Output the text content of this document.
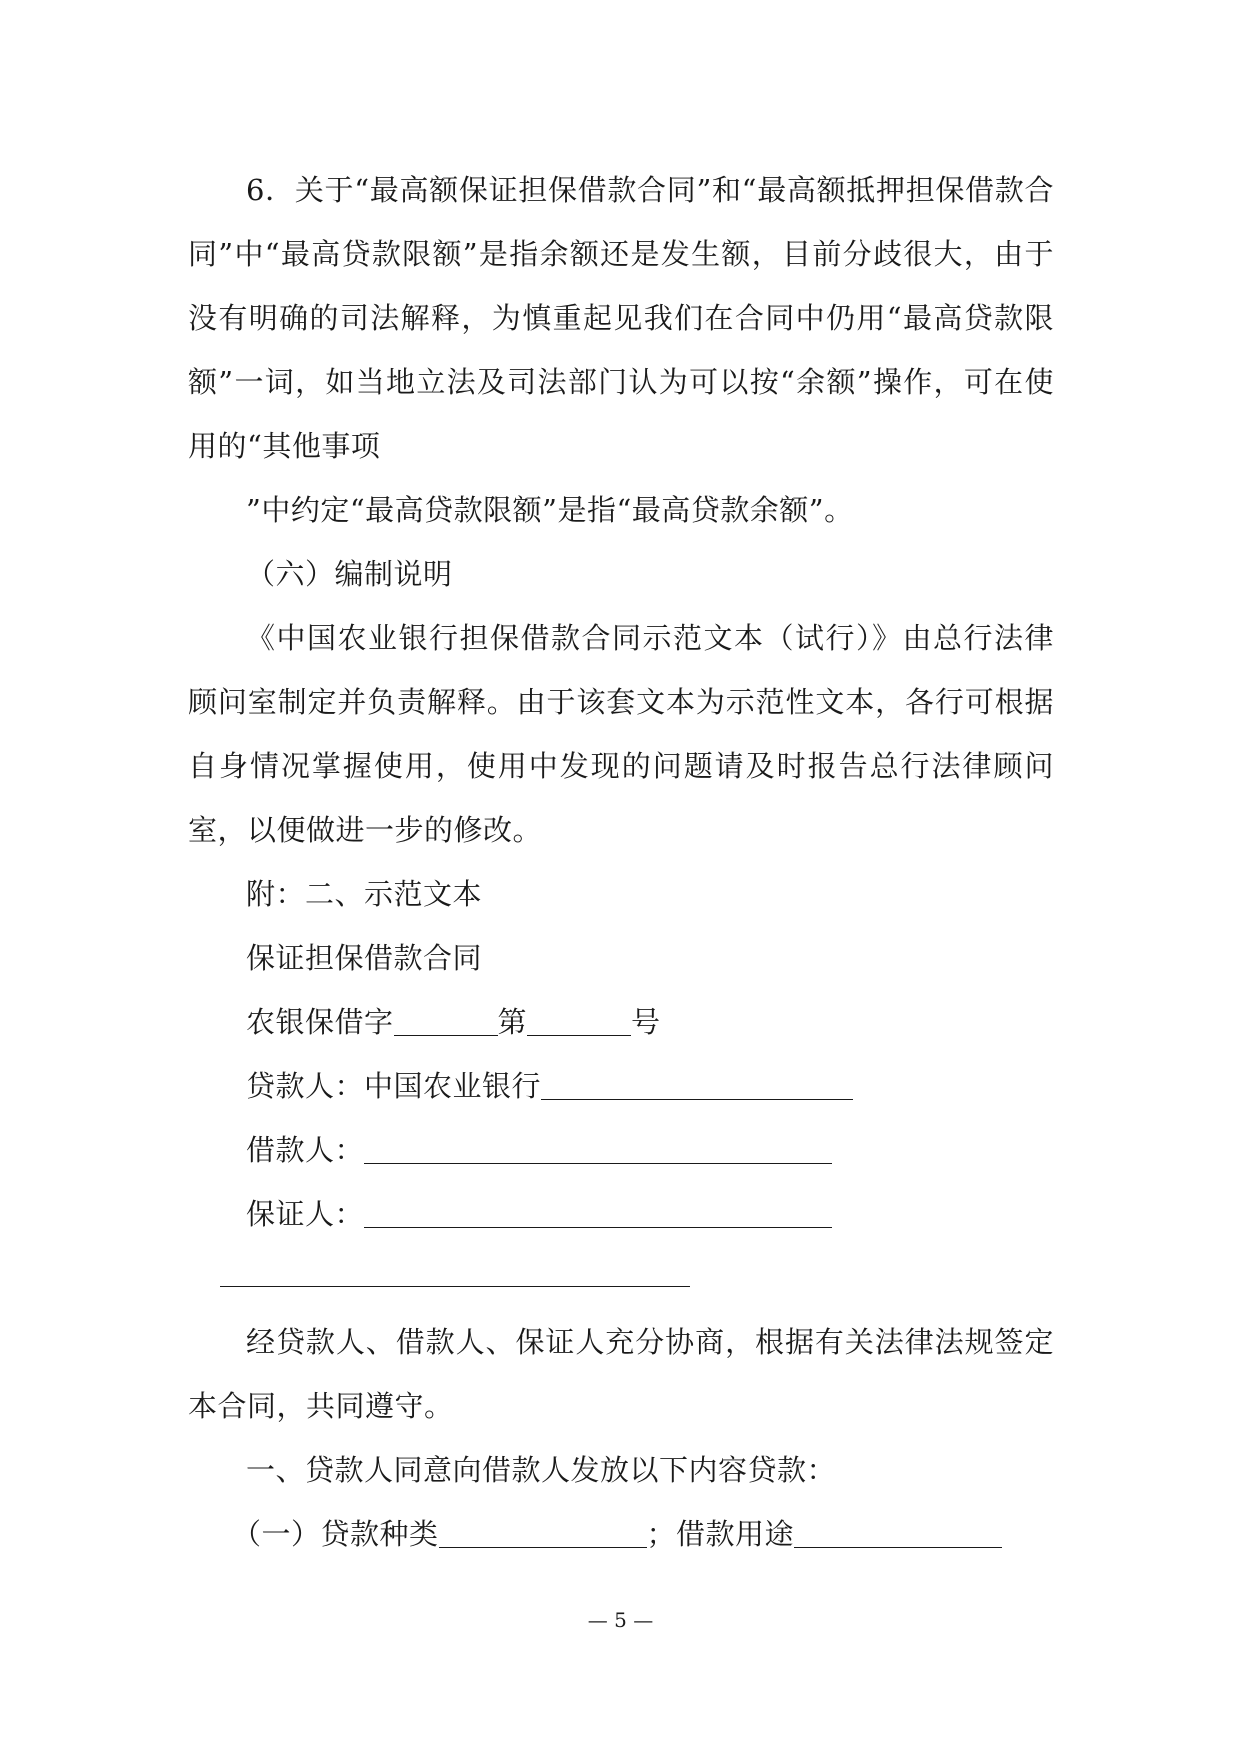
6．关于“最高额保证担保借款合同”和“最高额抵押担保借款合同”中“最高贷款限额”是指余额还是发生额，目前分歧很大，由于没有明确的司法解释，为慎重起见我们在合同中仍用“最高贷款限额”一词，如当地立法及司法部门认为可以按“余额”操作，可在使用的“其他事项

”中约定“最高贷款限额”是指“最高贷款余额”。

（六）编制说明

《中国农业银行担保借款合同示范文本（试行）》由总行法律顾问室制定并负责解释。由于该套文本为示范性文本，各行可根据自身情况掌握使用，使用中发现的问题请及时报告总行法律顾问室，以便做进一步的修改。

附：二、示范文本

保证担保借款合同

农银保借字	第	号

贷款人：中国农业银行

借款人：

保证人：

经贷款人、借款人、保证人充分协商，根据有关法律法规签定本合同，共同遵守。

一、贷款人同意向借款人发放以下内容贷款：

（一）贷款种类	；借款用途

— 5 —
